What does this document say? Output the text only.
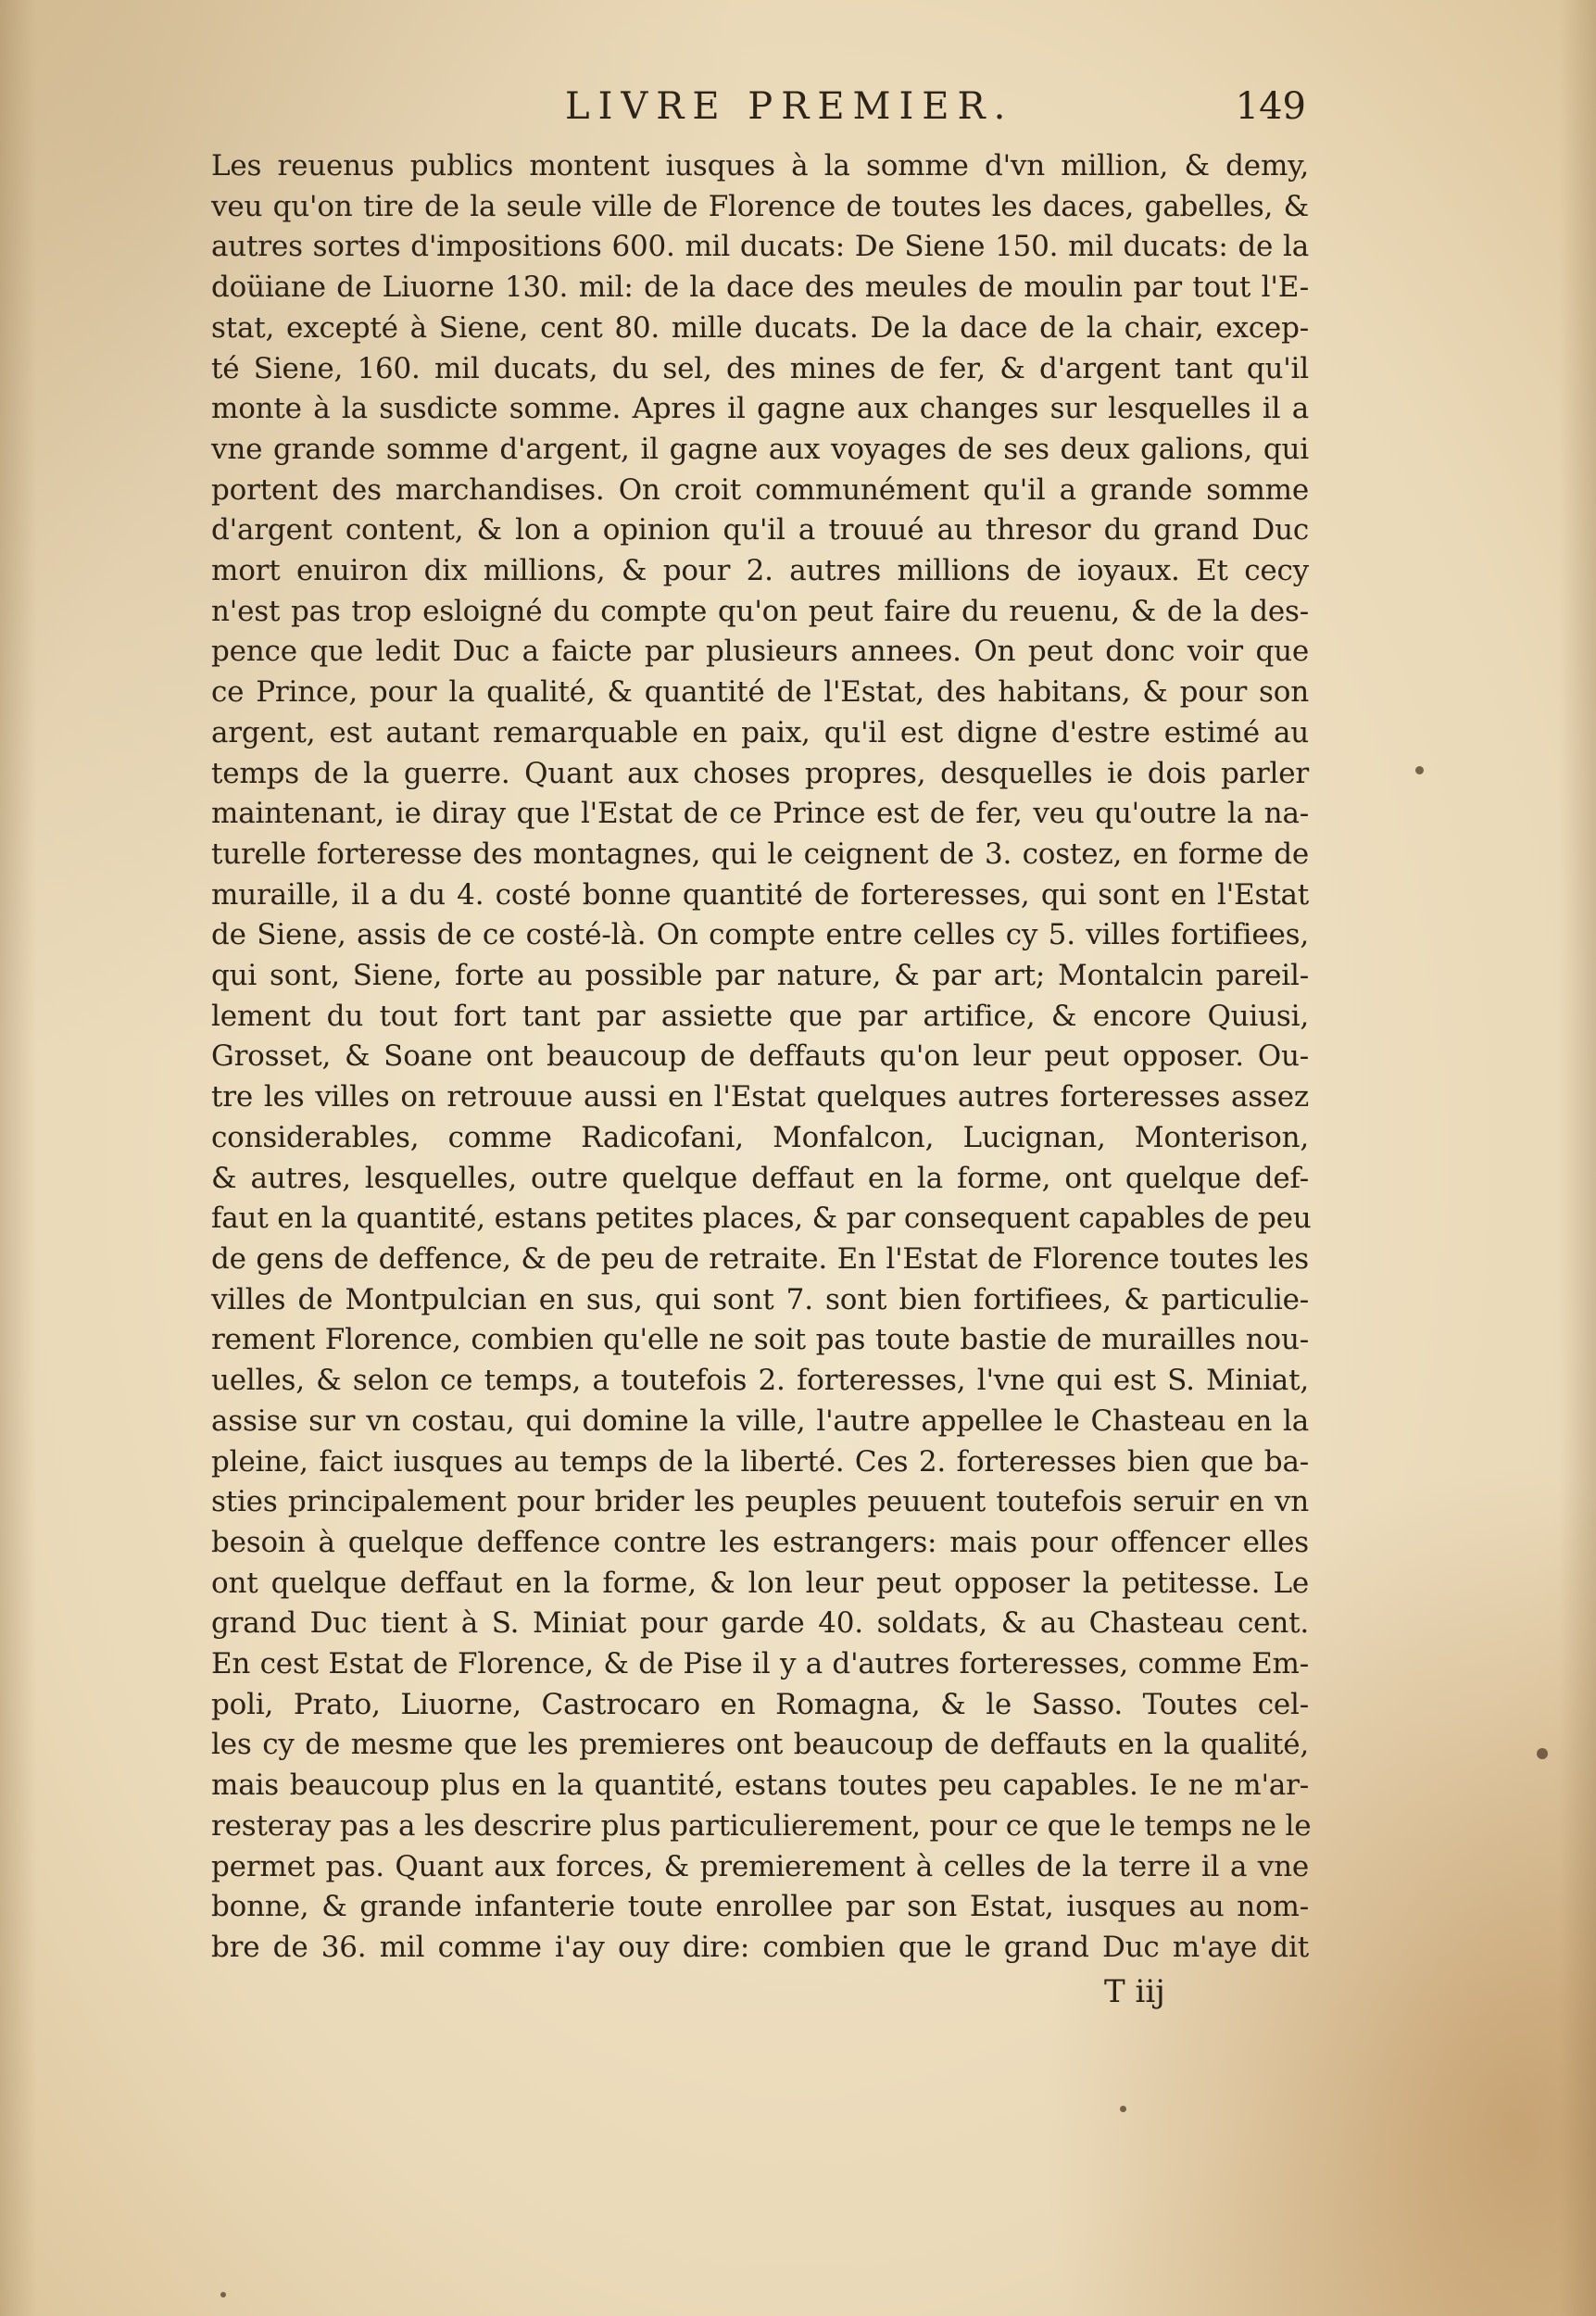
LIVRE PREMIER.	149
Les reuenus publics montent iusques à la somme d'vn million, & demy,
veu qu'on tire de la seule ville de Florence de toutes les daces, gabelles, &
autres sortes d'impositions 600. mil ducats: De Siene 150. mil ducats: de la
doüiane de Liuorne 130. mil: de la dace des meules de moulin par tout l'E-
stat, excepté à Siene, cent 80. mille ducats. De la dace de la chair, excep-
té Siene, 160. mil ducats, du sel, des mines de fer, & d'argent tant qu'il
monte à la susdicte somme. Apres il gagne aux changes sur lesquelles il a
vne grande somme d'argent, il gagne aux voyages de ses deux galions, qui
portent des marchandises. On croit communément qu'il a grande somme
d'argent content, & lon a opinion qu'il a trouué au thresor du grand Duc
mort enuiron dix millions, & pour 2. autres millions de ioyaux. Et cecy
n'est pas trop esloigné du compte qu'on peut faire du reuenu, & de la des-
pence que ledit Duc a faicte par plusieurs annees. On peut donc voir que
ce Prince, pour la qualité, & quantité de l'Estat, des habitans, & pour son
argent, est autant remarquable en paix, qu'il est digne d'estre estimé au
temps de la guerre. Quant aux choses propres, desquelles ie dois parler
maintenant, ie diray que l'Estat de ce Prince est de fer, veu qu'outre la na-
turelle forteresse des montagnes, qui le ceignent de 3. costez, en forme de
muraille, il a du 4. costé bonne quantité de forteresses, qui sont en l'Estat
de Siene, assis de ce costé-là. On compte entre celles cy 5. villes fortifiees,
qui sont, Siene, forte au possible par nature, & par art; Montalcin pareil-
lement du tout fort tant par assiette que par artifice, & encore Quiusi,
Grosset, & Soane ont beaucoup de deffauts qu'on leur peut opposer. Ou-
tre les villes on retrouue aussi en l'Estat quelques autres forteresses assez
considerables, comme Radicofani, Monfalcon, Lucignan, Monterison,
& autres, lesquelles, outre quelque deffaut en la forme, ont quelque def-
faut en la quantité, estans petites places, & par consequent capables de peu
de gens de deffence, & de peu de retraite. En l'Estat de Florence toutes les
villes de Montpulcian en sus, qui sont 7. sont bien fortifiees, & particulie-
rement Florence, combien qu'elle ne soit pas toute bastie de murailles nou-
uelles, & selon ce temps, a toutefois 2. forteresses, l'vne qui est S. Miniat,
assise sur vn costau, qui domine la ville, l'autre appellee le Chasteau en la
pleine, faict iusques au temps de la liberté. Ces 2. forteresses bien que ba-
sties principalement pour brider les peuples peuuent toutefois seruir en vn
besoin à quelque deffence contre les estrangers: mais pour offencer elles
ont quelque deffaut en la forme, & lon leur peut opposer la petitesse. Le
grand Duc tient à S. Miniat pour garde 40. soldats, & au Chasteau cent.
En cest Estat de Florence, & de Pise il y a d'autres forteresses, comme Em-
poli, Prato, Liuorne, Castrocaro en Romagna, & le Sasso. Toutes cel-
les cy de mesme que les premieres ont beaucoup de deffauts en la qualité,
mais beaucoup plus en la quantité, estans toutes peu capables. Ie ne m'ar-
resteray pas a les descrire plus particulierement, pour ce que le temps ne le
permet pas. Quant aux forces, & premierement à celles de la terre il a vne
bonne, & grande infanterie toute enrollee par son Estat, iusques au nom-
bre de 36. mil comme i'ay ouy dire: combien que le grand Duc m'aye dit
T iij
